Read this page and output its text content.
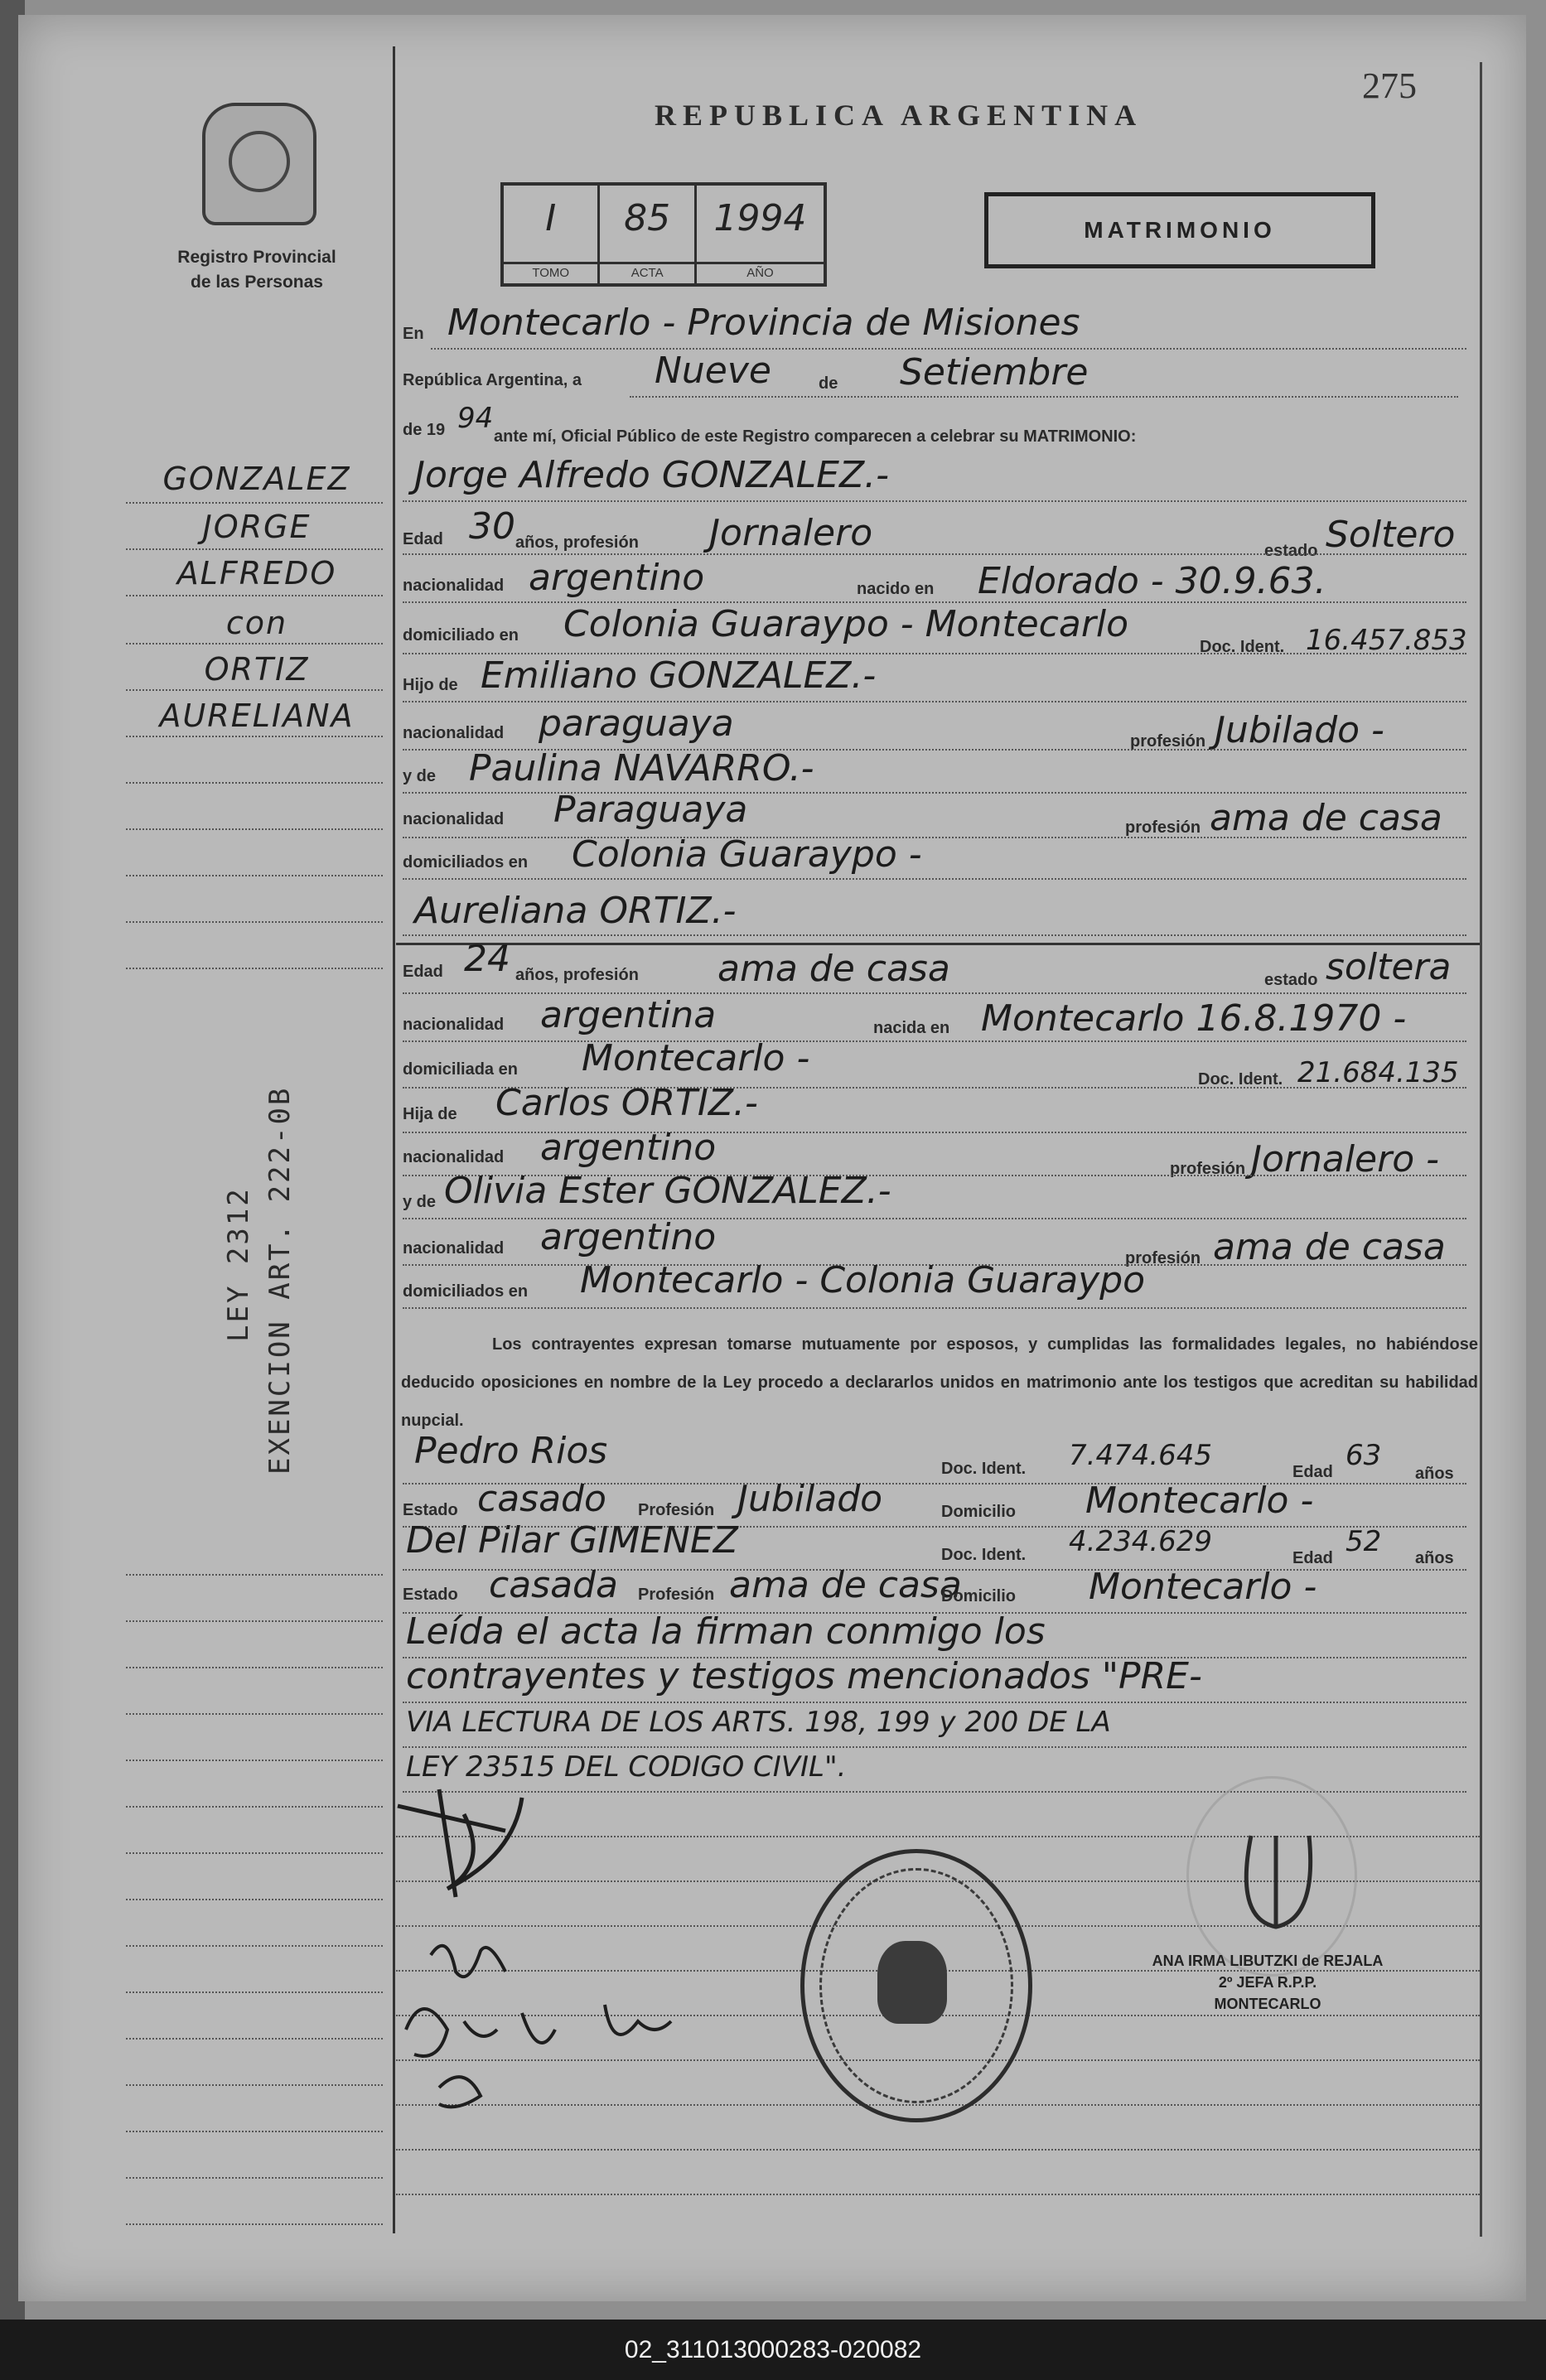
Registro Provincial
de las Personas
275
REPUBLICA ARGENTINA
I
TOMO
85
ACTA
1994
AÑO
MATRIMONIO
GONZALEZ
JORGE
ALFREDO
con
ORTIZ
AURELIANA
LEY 2312 EXENCION ART. 222-0B
En Montecarlo - Provincia de Misiones
República Argentina, a Nueve	de Setiembre
de 19 94
ante mí, Oficial Público de este Registro comparecen a celebrar su MATRIMONIO:
Jorge Alfredo GONZALEZ.-
Edad 30 años, profesión Jornalero	estado Soltero
nacionalidad argentino	nacido en Eldorado - 30.9.63.
domiciliado en Colonia Guaraypo - Montecarlo
Doc. Ident. 16.457.853
Hijo de Emiliano GONZALEZ.-
nacionalidad paraguaya	profesión Jubilado -
y de Paulina NAVARRO.-
nacionalidad Paraguaya	profesión ama de casa
domiciliados en Colonia Guaraypo -
Aureliana ORTIZ.-
Edad 24 años, profesión ama de casa	estado soltera
nacionalidad argentina	nacida en Montecarlo 16.8.1970 -
domiciliada en Montecarlo -	Doc. Ident. 21.684.135
Hija de Carlos ORTIZ.-
nacionalidad argentino	profesión Jornalero -
y de Olivia Ester GONZALEZ.-
nacionalidad argentino	profesión ama de casa
domiciliados en Montecarlo - Colonia Guaraypo
Los contrayentes expresan tomarse mutuamente por esposos, y cumplidas las formalidades legales, no habiéndose deducido oposiciones en nombre de la Ley procedo a declararlos unidos en matrimonio ante los testigos que acreditan su habilidad nupcial.
Pedro Rios	Doc. Ident. 7.474.645	Edad 63
años
Estado casado Profesión Jubilado	Domicilio Montecarlo -
Del Pilar GIMENEZ	Doc. Ident. 4.234.629	Edad 52 años
Estado casada Profesión ama de casa
Domicilio Montecarlo -
Leída el acta la firman conmigo los
contrayentes y testigos mencionados "PRE-
VIA LECTURA DE LOS ARTS. 198, 199 y 200 DE LA
LEY 23515 DEL CODIGO CIVIL".
ANA IRMA LIBUTZKI de REJALA
2º JEFA R.P.P.
MONTECARLO
02_311013000283-020082
